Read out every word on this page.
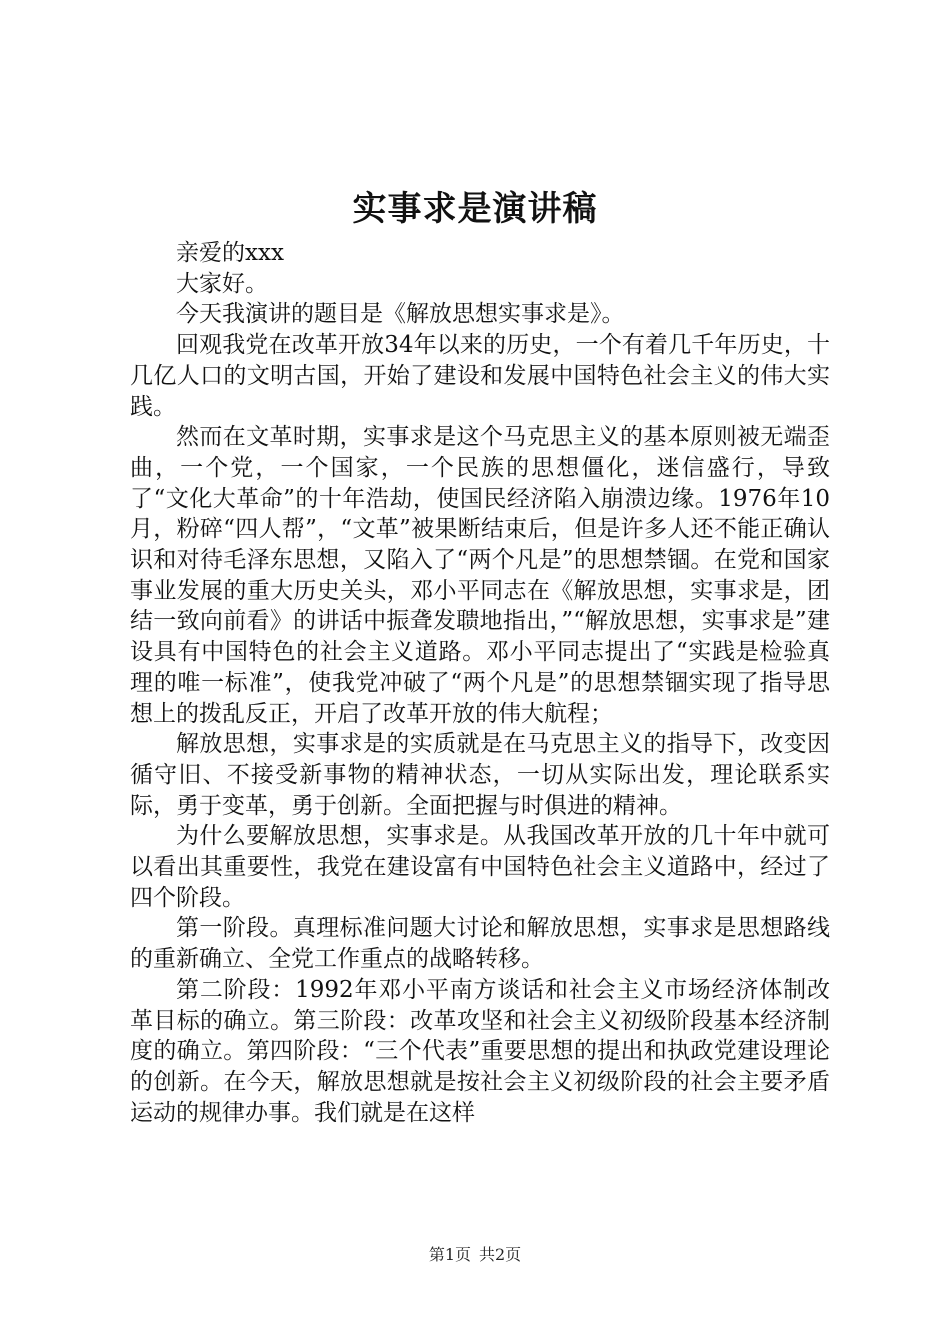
实事求是演讲稿

亲爱的xxx

大家好。

今天我演讲的题目是《解放思想实事求是》。

回观我党在改革开放34年以来的历史，一个有着几千年历史，十几亿人口的文明古国，开始了建设和发展中国特色社会主义的伟大实践。

然而在文革时期，实事求是这个马克思主义的基本原则被无端歪曲，一个党，一个国家，一个民族的思想僵化，迷信盛行，导致了“文化大革命”的十年浩劫，使国民经济陷入崩溃边缘。1976年10月，粉碎“四人帮”，“文革”被果断结束后，但是许多人还不能正确认识和对待毛泽东思想，又陷入了“两个凡是”的思想禁锢。在党和国家事业发展的重大历史关头，邓小平同志在《解放思想，实事求是，团结一致向前看》的讲话中振聋发聩地指出，”“解放思想，实事求是”建设具有中国特色的社会主义道路。邓小平同志提出了“实践是检验真理的唯一标准”，使我党冲破了“两个凡是”的思想禁锢实现了指导思想上的拨乱反正，开启了改革开放的伟大航程；

解放思想，实事求是的实质就是在马克思主义的指导下，改变因循守旧、不接受新事物的精神状态，一切从实际出发，理论联系实际，勇于变革，勇于创新。全面把握与时俱进的精神。

为什么要解放思想，实事求是。从我国改革开放的几十年中就可以看出其重要性，我党在建设富有中国特色社会主义道路中，经过了四个阶段。

第一阶段。真理标准问题大讨论和解放思想，实事求是思想路线的重新确立、全党工作重点的战略转移。

第二阶段：1992年邓小平南方谈话和社会主义市场经济体制改革目标的确立。第三阶段：改革攻坚和社会主义初级阶段基本经济制度的确立。第四阶段：“三个代表”重要思想的提出和执政党建设理论的创新。在今天，解放思想就是按社会主义初级阶段的社会主要矛盾运动的规律办事。我们就是在这样

第1页 共2页
